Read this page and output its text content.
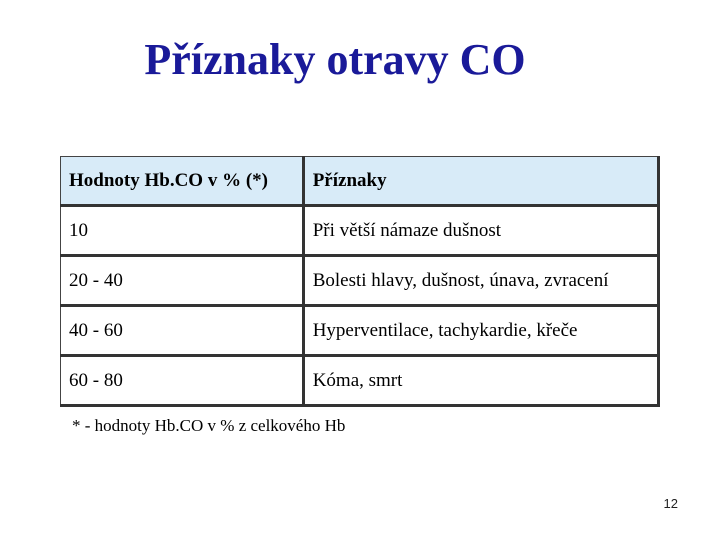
Příznaky otravy CO
Hodnoty Hb.CO v % (*)	Příznaky
10	Při větší námaze dušnost
20 - 40	Bolesti hlavy, dušnost, únava, zvracení
40 - 60	Hyperventilace, tachykardie, křeče
60 - 80	Kóma, smrt
* - hodnoty Hb.CO v % z celkového Hb
12
